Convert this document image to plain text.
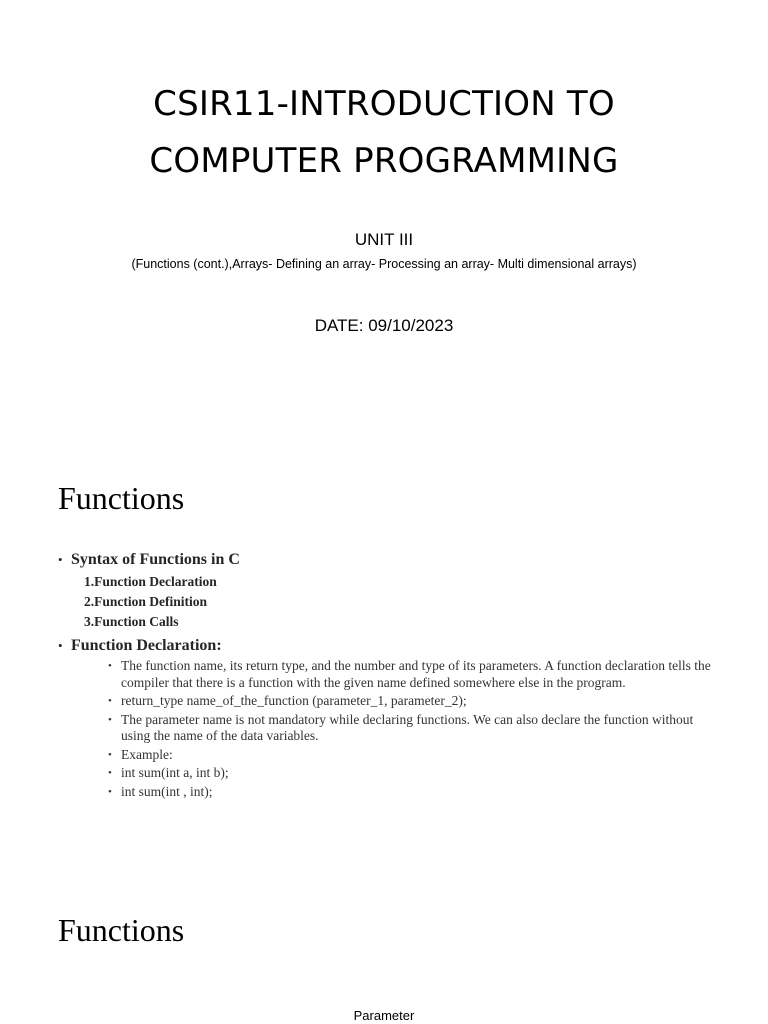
CSIR11-INTRODUCTION TO
COMPUTER PROGRAMMING
UNIT III
(Functions (cont.),Arrays- Defining an array- Processing an array- Multi dimensional arrays)
DATE: 09/10/2023
Functions
• Syntax of Functions in C
1.Function Declaration
2.Function Definition
3.Function Calls
• Function Declaration:
• The function name, its return type, and the number and type of its parameters. A function declaration tells the compiler that there is a function with the given name defined somewhere else in the program.
• return_type name_of_the_function (parameter_1, parameter_2);
• The parameter name is not mandatory while declaring functions. We can also declare the function without using the name of the data variables.
• Example:
• int sum(int a, int b);
• int sum(int , int);
Functions
Parameter
